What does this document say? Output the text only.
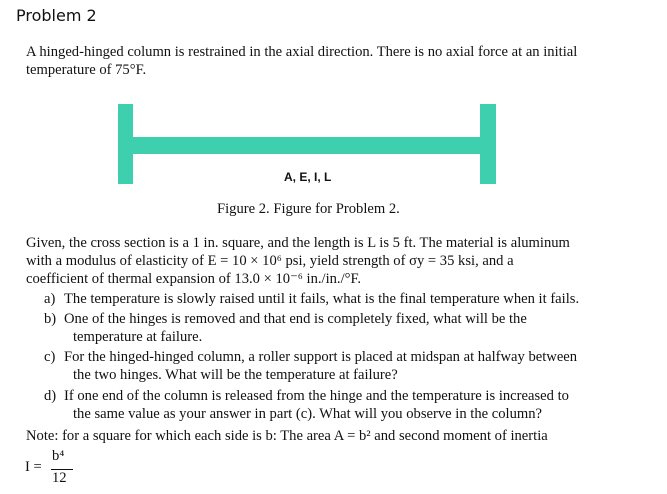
Problem 2
A hinged-hinged column is restrained in the axial direction. There is no axial force at an initial
temperature of 75°F.
A, E, I, L
Figure 2. Figure for Problem 2.
Given, the cross section is a 1 in. square, and the length is L is 5 ft. The material is aluminum
with a modulus of elasticity of E = 10 × 10⁶ psi, yield strength of σy = 35 ksi, and a
coefficient of thermal expansion of 13.0 × 10⁻⁶ in./in./°F.
a) The temperature is slowly raised until it fails, what is the final temperature when it fails.
b) One of the hinges is removed and that end is completely fixed, what will be the
temperature at failure.
c) For the hinged-hinged column, a roller support is placed at midspan at halfway between
the two hinges. What will be the temperature at failure?
d) If one end of the column is released from the hinge and the temperature is increased to
the same value as your answer in part (c). What will you observe in the column?
Note: for a square for which each side is b: The area A = b² and second moment of inertia
I =
b⁴
12
